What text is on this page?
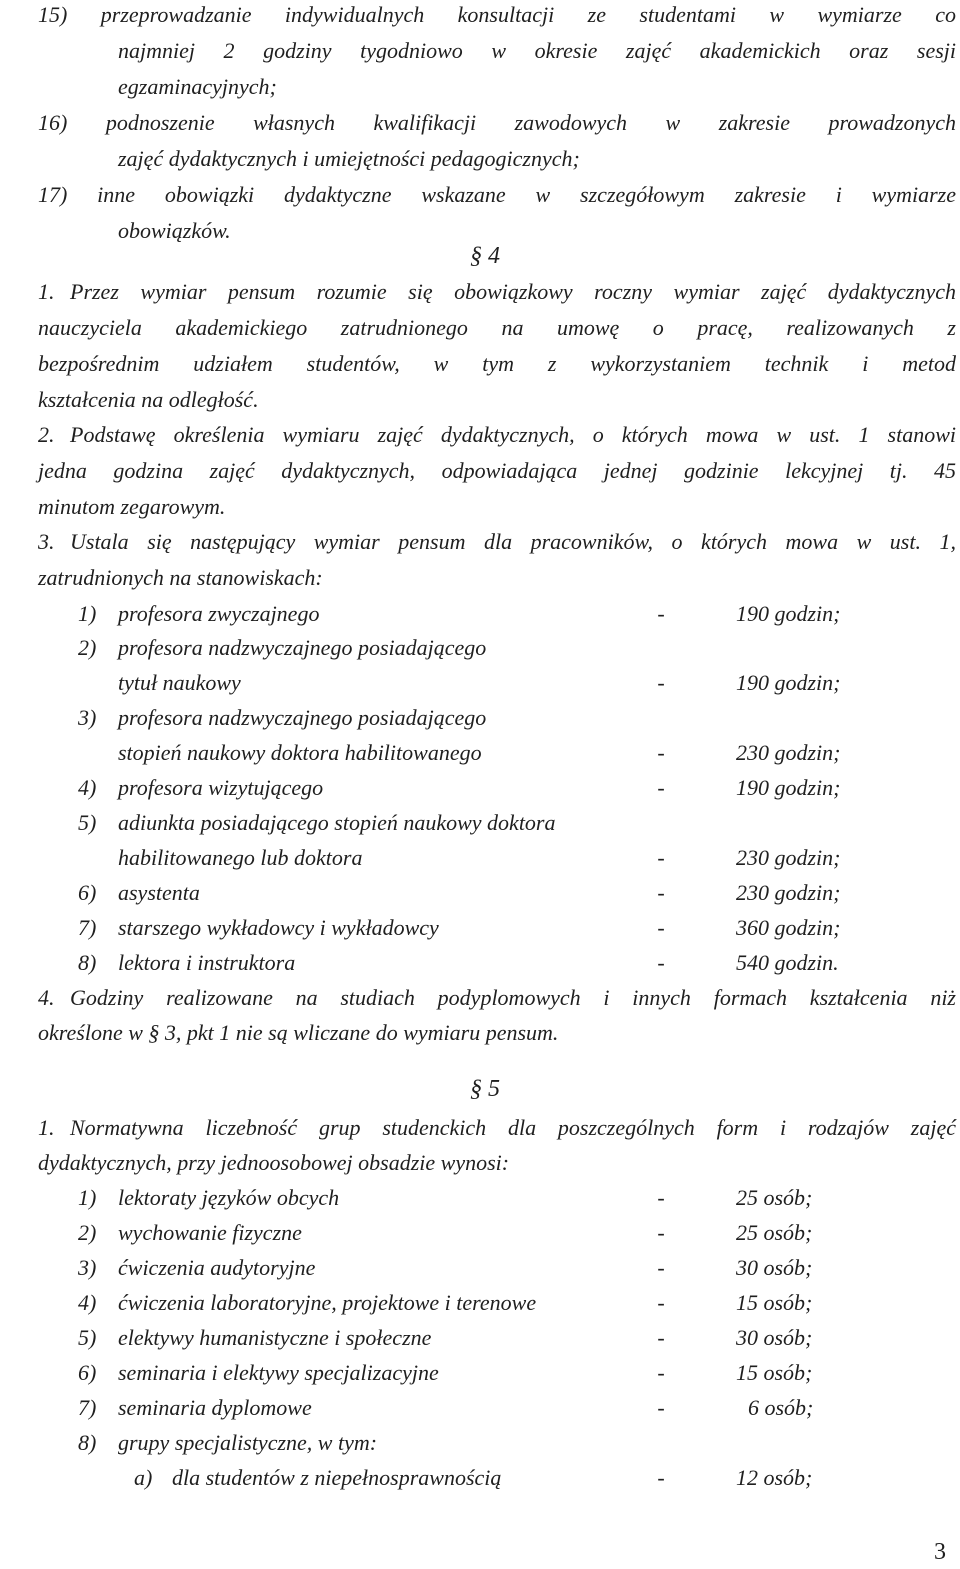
15) przeprowadzanie indywidualnych konsultacji ze studentami w wymiarze co
najmniej 2 godziny tygodniowo w okresie zajęć akademickich oraz sesji
egzaminacyjnych;
16) podnoszenie własnych kwalifikacji zawodowych w zakresie prowadzonych
zajęć dydaktycznych i umiejętności pedagogicznych;
17) inne obowiązki dydaktyczne wskazane w szczegółowym zakresie i wymiarze
obowiązków.
§ 4
1. Przez wymiar pensum rozumie się obowiązkowy roczny wymiar zajęć dydaktycznych
nauczyciela akademickiego zatrudnionego na umowę o pracę, realizowanych z
bezpośrednim udziałem studentów, w tym z wykorzystaniem technik i metod
kształcenia na odległość.
2. Podstawę określenia wymiaru zajęć dydaktycznych, o których mowa w ust. 1 stanowi
jedna godzina zajęć dydaktycznych, odpowiadająca jednej godzinie lekcyjnej tj. 45
minutom zegarowym.
3. Ustala się następujący wymiar pensum dla pracowników, o których mowa w ust. 1,
zatrudnionych na stanowiskach:
1) profesora zwyczajnego	-	190 godzin;
2) profesora nadzwyczajnego posiadającego
tytuł naukowy	-	190 godzin;
3) profesora nadzwyczajnego posiadającego
stopień naukowy doktora habilitowanego	-	230 godzin;
4) profesora wizytującego	-	190 godzin;
5) adiunkta posiadającego stopień naukowy doktora
habilitowanego lub doktora	-	230 godzin;
6) asystenta	-	230 godzin;
7) starszego wykładowcy i wykładowcy	-	360 godzin;
8) lektora i instruktora	-	540 godzin.
4. Godziny realizowane na studiach podyplomowych i innych formach kształcenia niż
określone w § 3, pkt 1 nie są wliczane do wymiaru pensum.
§ 5
1. Normatywna liczebność grup studenckich dla poszczególnych form i rodzajów zajęć
dydaktycznych, przy jednoosobowej obsadzie wynosi:
1) lektoraty języków obcych	-	25 osób;
2) wychowanie fizyczne	-	25 osób;
3) ćwiczenia audytoryjne	-	30 osób;
4) ćwiczenia laboratoryjne, projektowe i terenowe	-	15 osób;
5) elektywy humanistyczne i społeczne	-	30 osób;
6) seminaria i elektywy specjalizacyjne	-	15 osób;
7) seminaria dyplomowe	-	6 osób;
8) grupy specjalistyczne, w tym:
a) dla studentów z niepełnosprawnością	-	12 osób;
3
